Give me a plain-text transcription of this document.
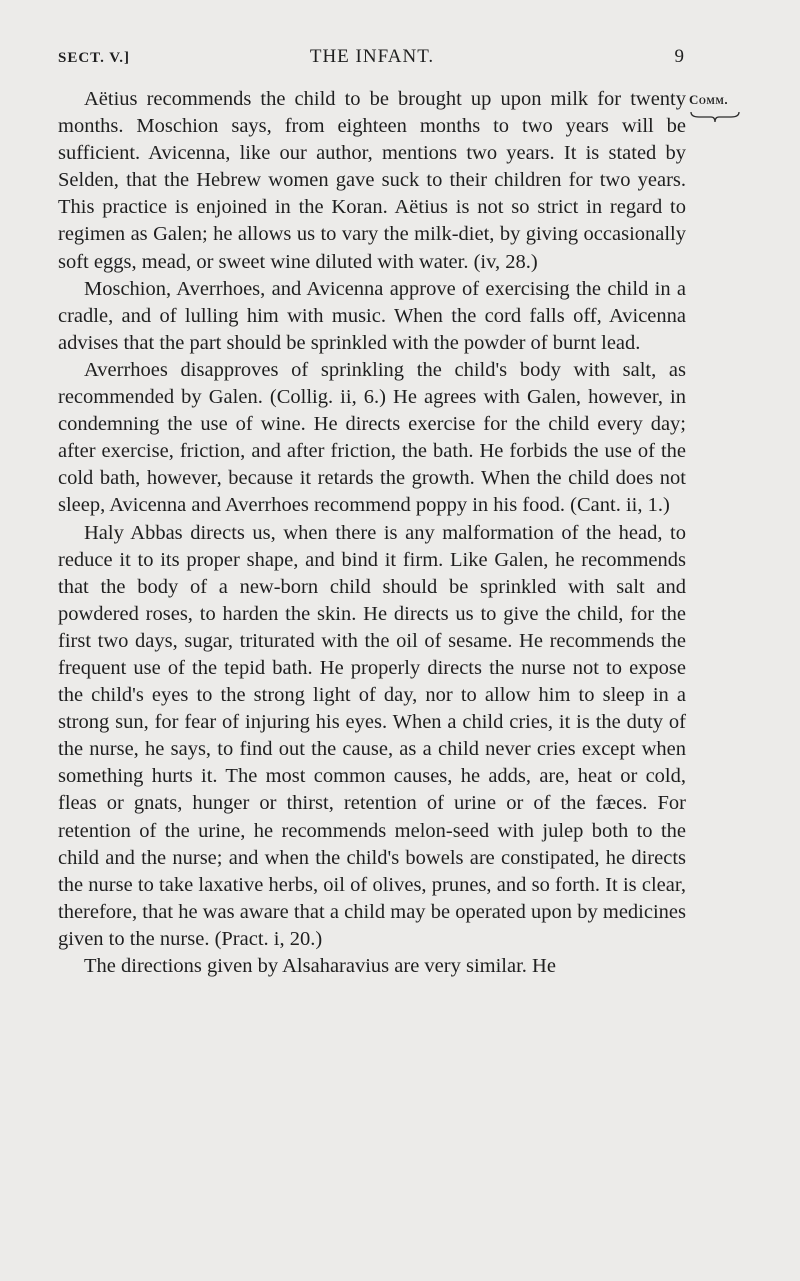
SECT. V.]	THE INFANT.	9
Comm.

Aëtius recommends the child to be brought up upon milk for twenty months. Moschion says, from eighteen months to two years will be sufficient. Avicenna, like our author, mentions two years. It is stated by Selden, that the Hebrew women gave suck to their children for two years. This practice is enjoined in the Koran. Aëtius is not so strict in regard to regimen as Galen; he allows us to vary the milk-diet, by giving occasionally soft eggs, mead, or sweet wine diluted with water. (iv, 28.)

Moschion, Averrhoes, and Avicenna approve of exercising the child in a cradle, and of lulling him with music. When the cord falls off, Avicenna advises that the part should be sprinkled with the powder of burnt lead.

Averrhoes disapproves of sprinkling the child's body with salt, as recommended by Galen. (Collig. ii, 6.) He agrees with Galen, however, in condemning the use of wine. He directs exercise for the child every day; after exercise, friction, and after friction, the bath. He forbids the use of the cold bath, however, because it retards the growth. When the child does not sleep, Avicenna and Averrhoes recommend poppy in his food. (Cant. ii, 1.)

Haly Abbas directs us, when there is any malformation of the head, to reduce it to its proper shape, and bind it firm. Like Galen, he recommends that the body of a new-born child should be sprinkled with salt and powdered roses, to harden the skin. He directs us to give the child, for the first two days, sugar, triturated with the oil of sesame. He recommends the frequent use of the tepid bath. He properly directs the nurse not to expose the child's eyes to the strong light of day, nor to allow him to sleep in a strong sun, for fear of injuring his eyes. When a child cries, it is the duty of the nurse, he says, to find out the cause, as a child never cries except when something hurts it. The most common causes, he adds, are, heat or cold, fleas or gnats, hunger or thirst, retention of urine or of the fæces. For retention of the urine, he recommends melon-seed with julep both to the child and the nurse; and when the child's bowels are constipated, he directs the nurse to take laxative herbs, oil of olives, prunes, and so forth. It is clear, therefore, that he was aware that a child may be operated upon by medicines given to the nurse. (Pract. i, 20.)

The directions given by Alsaharavius are very similar. He
